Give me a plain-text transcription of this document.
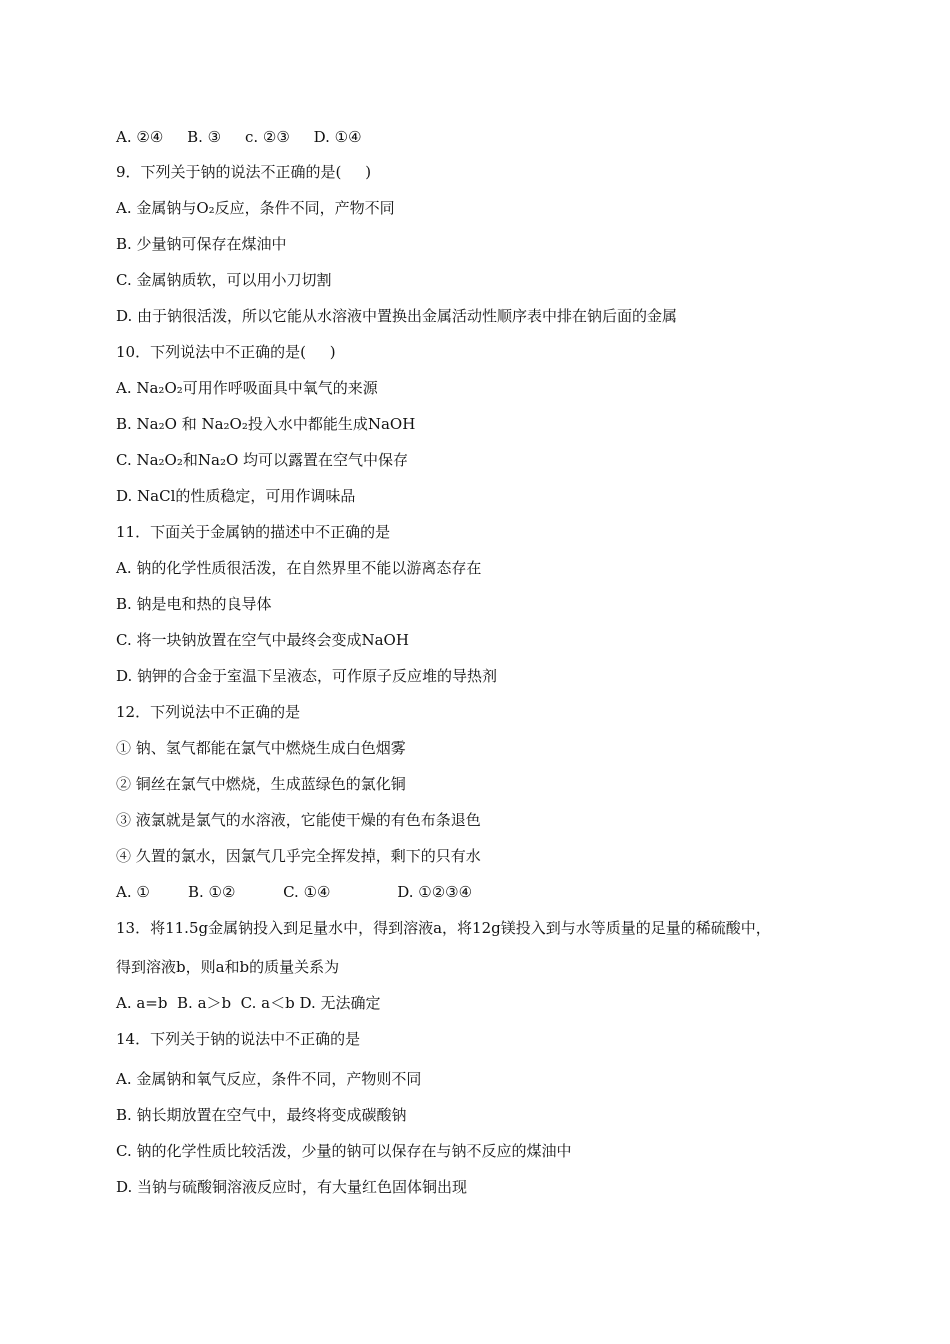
A. ②④     B. ③     c. ②③     D. ①④
9．下列关于钠的说法不正确的是(     )
A. 金属钠与O₂反应，条件不同，产物不同
B. 少量钠可保存在煤油中
C. 金属钠质软，可以用小刀切割
D. 由于钠很活泼，所以它能从水溶液中置换出金属活动性顺序表中排在钠后面的金属
10．下列说法中不正确的是(     )
A. Na₂O₂可用作呼吸面具中氧气的来源
B. Na₂O 和 Na₂O₂投入水中都能生成NaOH
C. Na₂O₂和Na₂O 均可以露置在空气中保存
D. NaCl的性质稳定，可用作调味品
11．下面关于金属钠的描述中不正确的是
A. 钠的化学性质很活泼，在自然界里不能以游离态存在
B. 钠是电和热的良导体
C. 将一块钠放置在空气中最终会变成NaOH
D. 钠钾的合金于室温下呈液态，可作原子反应堆的导热剂
12．下列说法中不正确的是
① 钠、氢气都能在氯气中燃烧生成白色烟雾
② 铜丝在氯气中燃烧，生成蓝绿色的氯化铜
③ 液氯就是氯气的水溶液，它能使干燥的有色布条退色
④ 久置的氯水，因氯气几乎完全挥发掉，剩下的只有水
A. ①        B. ①②          C. ①④              D. ①②③④
13．将11.5g金属钠投入到足量水中，得到溶液a，将12g镁投入到与水等质量的足量的稀硫酸中，
得到溶液b，则a和b的质量关系为
A. a=b  B. a＞b  C. a＜b D. 无法确定
14．下列关于钠的说法中不正确的是
A. 金属钠和氧气反应，条件不同，产物则不同
B. 钠长期放置在空气中，最终将变成碳酸钠
C. 钠的化学性质比较活泼，少量的钠可以保存在与钠不反应的煤油中
D. 当钠与硫酸铜溶液反应时，有大量红色固体铜出现
